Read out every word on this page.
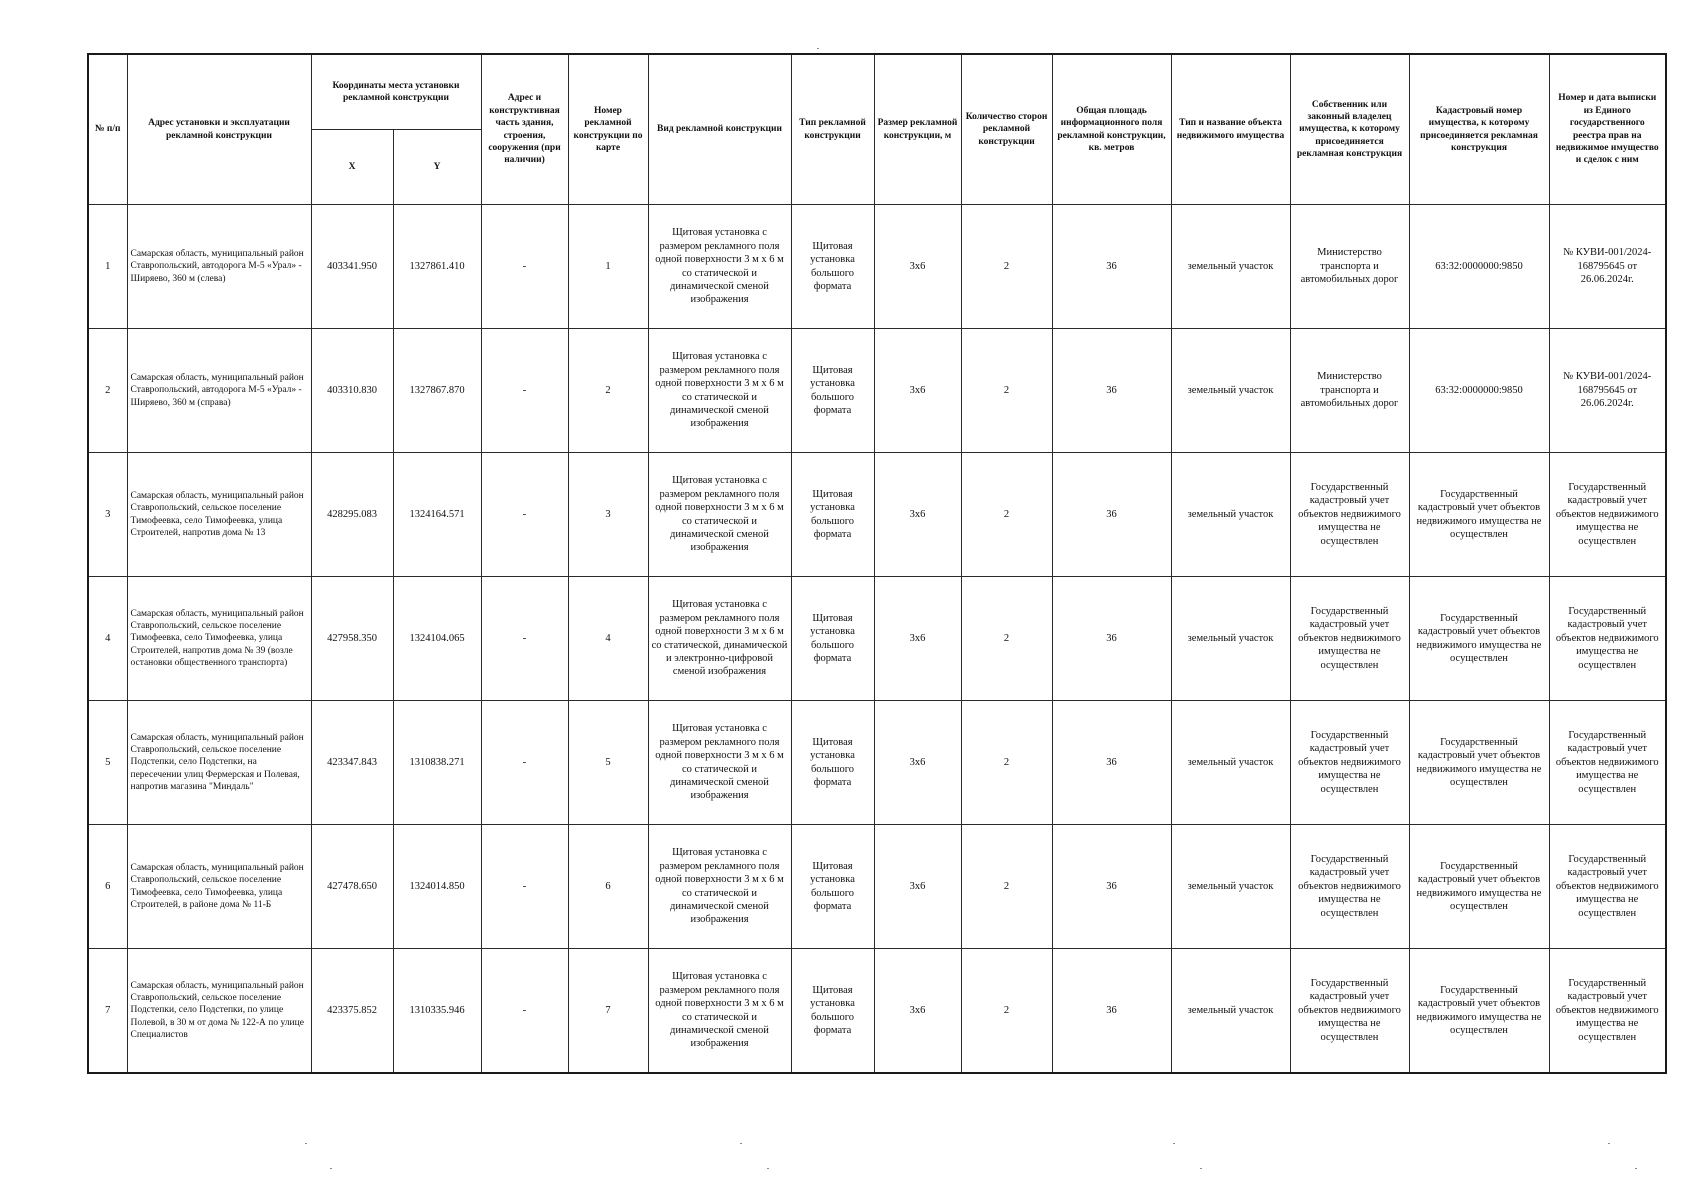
№ п/п	Адрес установки и эксплуатации рекламной конструкции	Координаты места установки рекламной конструкции		Адрес и конструктивная часть здания, строения, сооружения (при наличии)	Номер рекламной конструкции по карте	Вид рекламной конструкции	Тип рекламной конструкции	Размер рекламной конструкции, м	Количество сторон рекламной конструкции	Общая площадь информационного поля рекламной конструкции, кв. метров	Тип и название объекта недвижимого имущества	Собственник или законный владелец имущества, к которому присоединяется рекламная конструкция	Кадастровый номер имущества, к которому присоединяется рекламная конструкция	Номер и дата выписки из Единого государственного реестра прав на недвижимое имущество и сделок с ним
		X	Y											
1	Самарская область, муниципальный район Ставропольский, автодорога М-5 «Урал» - Ширяево, 360 м (слева)	403341.950	1327861.410	-	1	Щитовая установка с размером рекламного поля одной поверхности 3 м х 6 м со статической и динамической сменой изображения	Щитовая установка большого формата	3х6	2	36	земельный участок	Министерство транспорта и автомобильных дорог	63:32:0000000:9850	№ КУВИ-001/2024-168795645 от 26.06.2024г.
2	Самарская область, муниципальный район Ставропольский, автодорога М-5 «Урал» - Ширяево, 360 м (справа)	403310.830	1327867.870	-	2	Щитовая установка с размером рекламного поля одной поверхности 3 м х 6 м со статической и динамической сменой изображения	Щитовая установка большого формата	3х6	2	36	земельный участок	Министерство транспорта и автомобильных дорог	63:32:0000000:9850	№ КУВИ-001/2024-168795645 от 26.06.2024г.
3	Самарская область, муниципальный район Ставропольский, сельское поселение Тимофеевка, село Тимофеевка, улица Строителей, напротив дома № 13	428295.083	1324164.571	-	3	Щитовая установка с размером рекламного поля одной поверхности 3 м х 6 м со статической и динамической сменой изображения	Щитовая установка большого формата	3х6	2	36	земельный участок	Государственный кадастровый учет объектов недвижимого имущества не осуществлен	Государственный кадастровый учет объектов недвижимого имущества не осуществлен	Государственный кадастровый учет объектов недвижимого имущества не осуществлен
4	Самарская область, муниципальный район Ставропольский, сельское поселение Тимофеевка, село Тимофеевка, улица Строителей, напротив дома № 39 (возле остановки общественного транспорта)	427958.350	1324104.065	-	4	Щитовая установка с размером рекламного поля одной поверхности 3 м х 6 м со статической, динамической и электронно-цифровой сменой изображения	Щитовая установка большого формата	3х6	2	36	земельный участок	Государственный кадастровый учет объектов недвижимого имущества не осуществлен	Государственный кадастровый учет объектов недвижимого имущества не осуществлен	Государственный кадастровый учет объектов недвижимого имущества не осуществлен
5	Самарская область, муниципальный район Ставропольский, сельское поселение Подстепки, село Подстепки, на пересечении улиц Фермерская и Полевая, напротив магазина "Миндаль"	423347.843	1310838.271	-	5	Щитовая установка с размером рекламного поля одной поверхности 3 м х 6 м со статической и динамической сменой изображения	Щитовая установка большого формата	3х6	2	36	земельный участок	Государственный кадастровый учет объектов недвижимого имущества не осуществлен	Государственный кадастровый учет объектов недвижимого имущества не осуществлен	Государственный кадастровый учет объектов недвижимого имущества не осуществлен
6	Самарская область, муниципальный район Ставропольский, сельское поселение Тимофеевка, село Тимофеевка, улица Строителей, в районе дома № 11-Б	427478.650	1324014.850	-	6	Щитовая установка с размером рекламного поля одной поверхности 3 м х 6 м со статической и динамической сменой изображения	Щитовая установка большого формата	3х6	2	36	земельный участок	Государственный кадастровый учет объектов недвижимого имущества не осуществлен	Государственный кадастровый учет объектов недвижимого имущества не осуществлен	Государственный кадастровый учет объектов недвижимого имущества не осуществлен
7	Самарская область, муниципальный район Ставропольский, сельское поселение Подстепки, село Подстепки, по улице Полевой, в 30 м от дома № 122-А по улице Специалистов	423375.852	1310335.946	-	7	Щитовая установка с размером рекламного поля одной поверхности 3 м х 6 м со статической и динамической сменой изображения	Щитовая установка большого формата	3х6	2	36	земельный участок	Государственный кадастровый учет объектов недвижимого имущества не осуществлен	Государственный кадастровый учет объектов недвижимого имущества не осуществлен	Государственный кадастровый учет объектов недвижимого имущества не осуществлен
